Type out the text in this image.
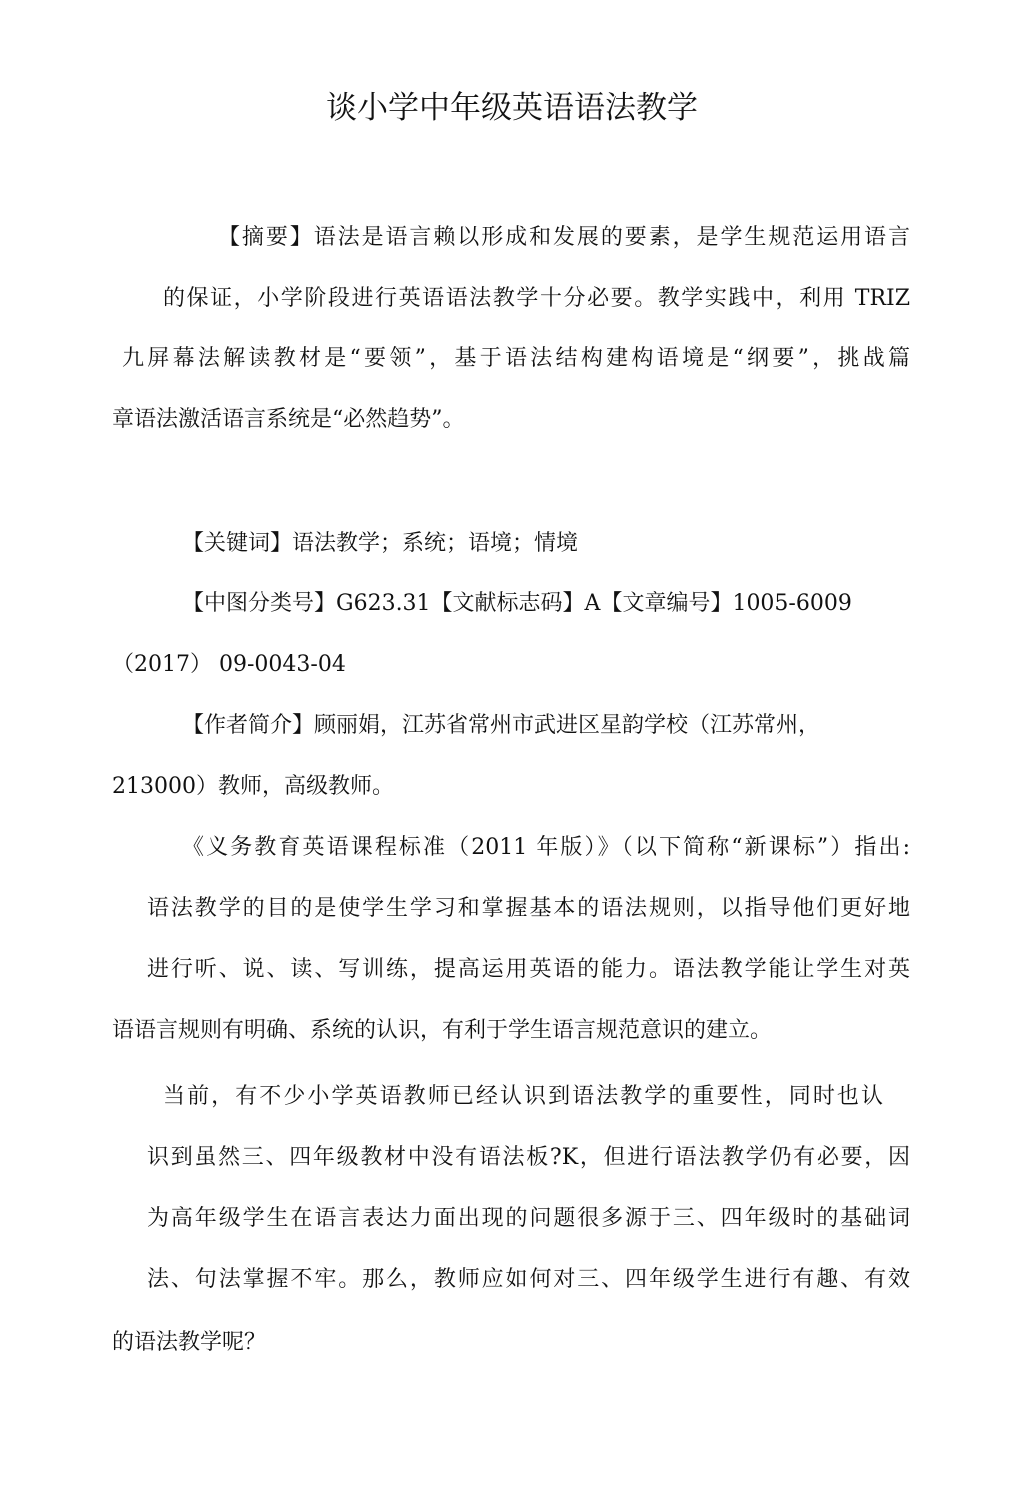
谈小学中年级英语语法教学
【摘要】语法是语言赖以形成和发展的要素，是学生规范运用语言
的保证，小学阶段进行英语语法教学十分必要。教学实践中，利用 TRIZ
九屏幕法解读教材是“要领”，基于语法结构建构语境是“纲要”，挑战篇
章语法激活语言系统是“必然趋势”。
【关键词】语法教学；系统；语境；情境
【中图分类号】G623.31【文献标志码】A【文章编号】1005-6009
（2017） 09-0043-04
【作者简介】顾丽娟，江苏省常州市武进区星韵学校（江苏常州，
213000）教师，高级教师。
《义务教育英语课程标准（2011 年版）》（以下简称“新课标”）指出:
语法教学的目的是使学生学习和掌握基本的语法规则，以指导他们更好地
进行听、说、读、写训练，提高运用英语的能力。语法教学能让学生对英
语语言规则有明确、系统的认识，有利于学生语言规范意识的建立。
当前，有不少小学英语教师已经认识到语法教学的重要性，同时也认
识到虽然三、四年级教材中没有语法板?K，但进行语法教学仍有必要，因
为高年级学生在语言表达力面出现的问题很多源于三、四年级时的基础词
法、句法掌握不牢。那么，教师应如何对三、四年级学生进行有趣、有效
的语法教学呢？
